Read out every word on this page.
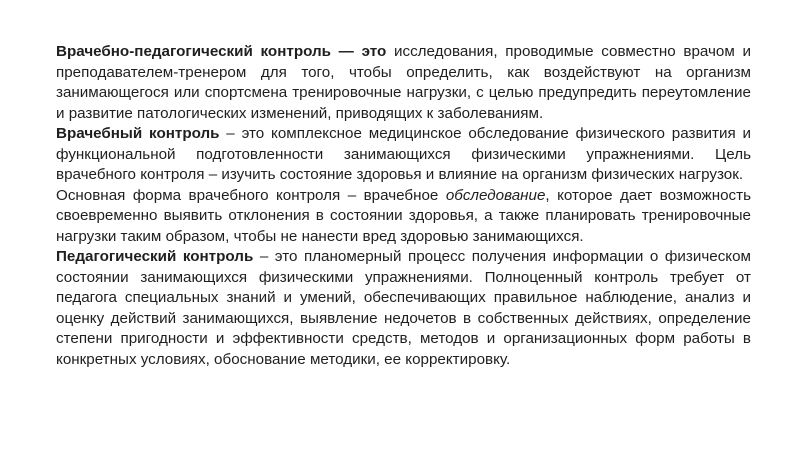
Врачебно-педагогический контроль — это исследования, проводимые совместно врачом и преподавателем-тренером для того, чтобы определить, как воздействуют на организм занимающегося или спортсмена тренировочные нагрузки, с целью предупредить переутомление и развитие патологических изменений, приводящих к заболеваниям.

Врачебный контроль – это комплексное медицинское обследование физического развития и функциональной подготовленности занимающихся физическими упражнениями. Цель врачебного контроля – изучить состояние здоровья и влияние на организм физических нагрузок.

Основная форма врачебного контроля – врачебное обследование, которое дает возможность своевременно выявить отклонения в состоянии здоровья, а также планировать тренировочные нагрузки таким образом, чтобы не нанести вред здоровью занимающихся.

Педагогический контроль – это планомерный процесс получения информации о физическом состоянии занимающихся физическими упражнениями. Полноценный контроль требует от педагога специальных знаний и умений, обеспечивающих правильное наблюдение, анализ и оценку действий занимающихся, выявление недочетов в собственных действиях, определение степени пригодности и эффективности средств, методов и организационных форм работы в конкретных условиях, обоснование методики, ее корректировку.
